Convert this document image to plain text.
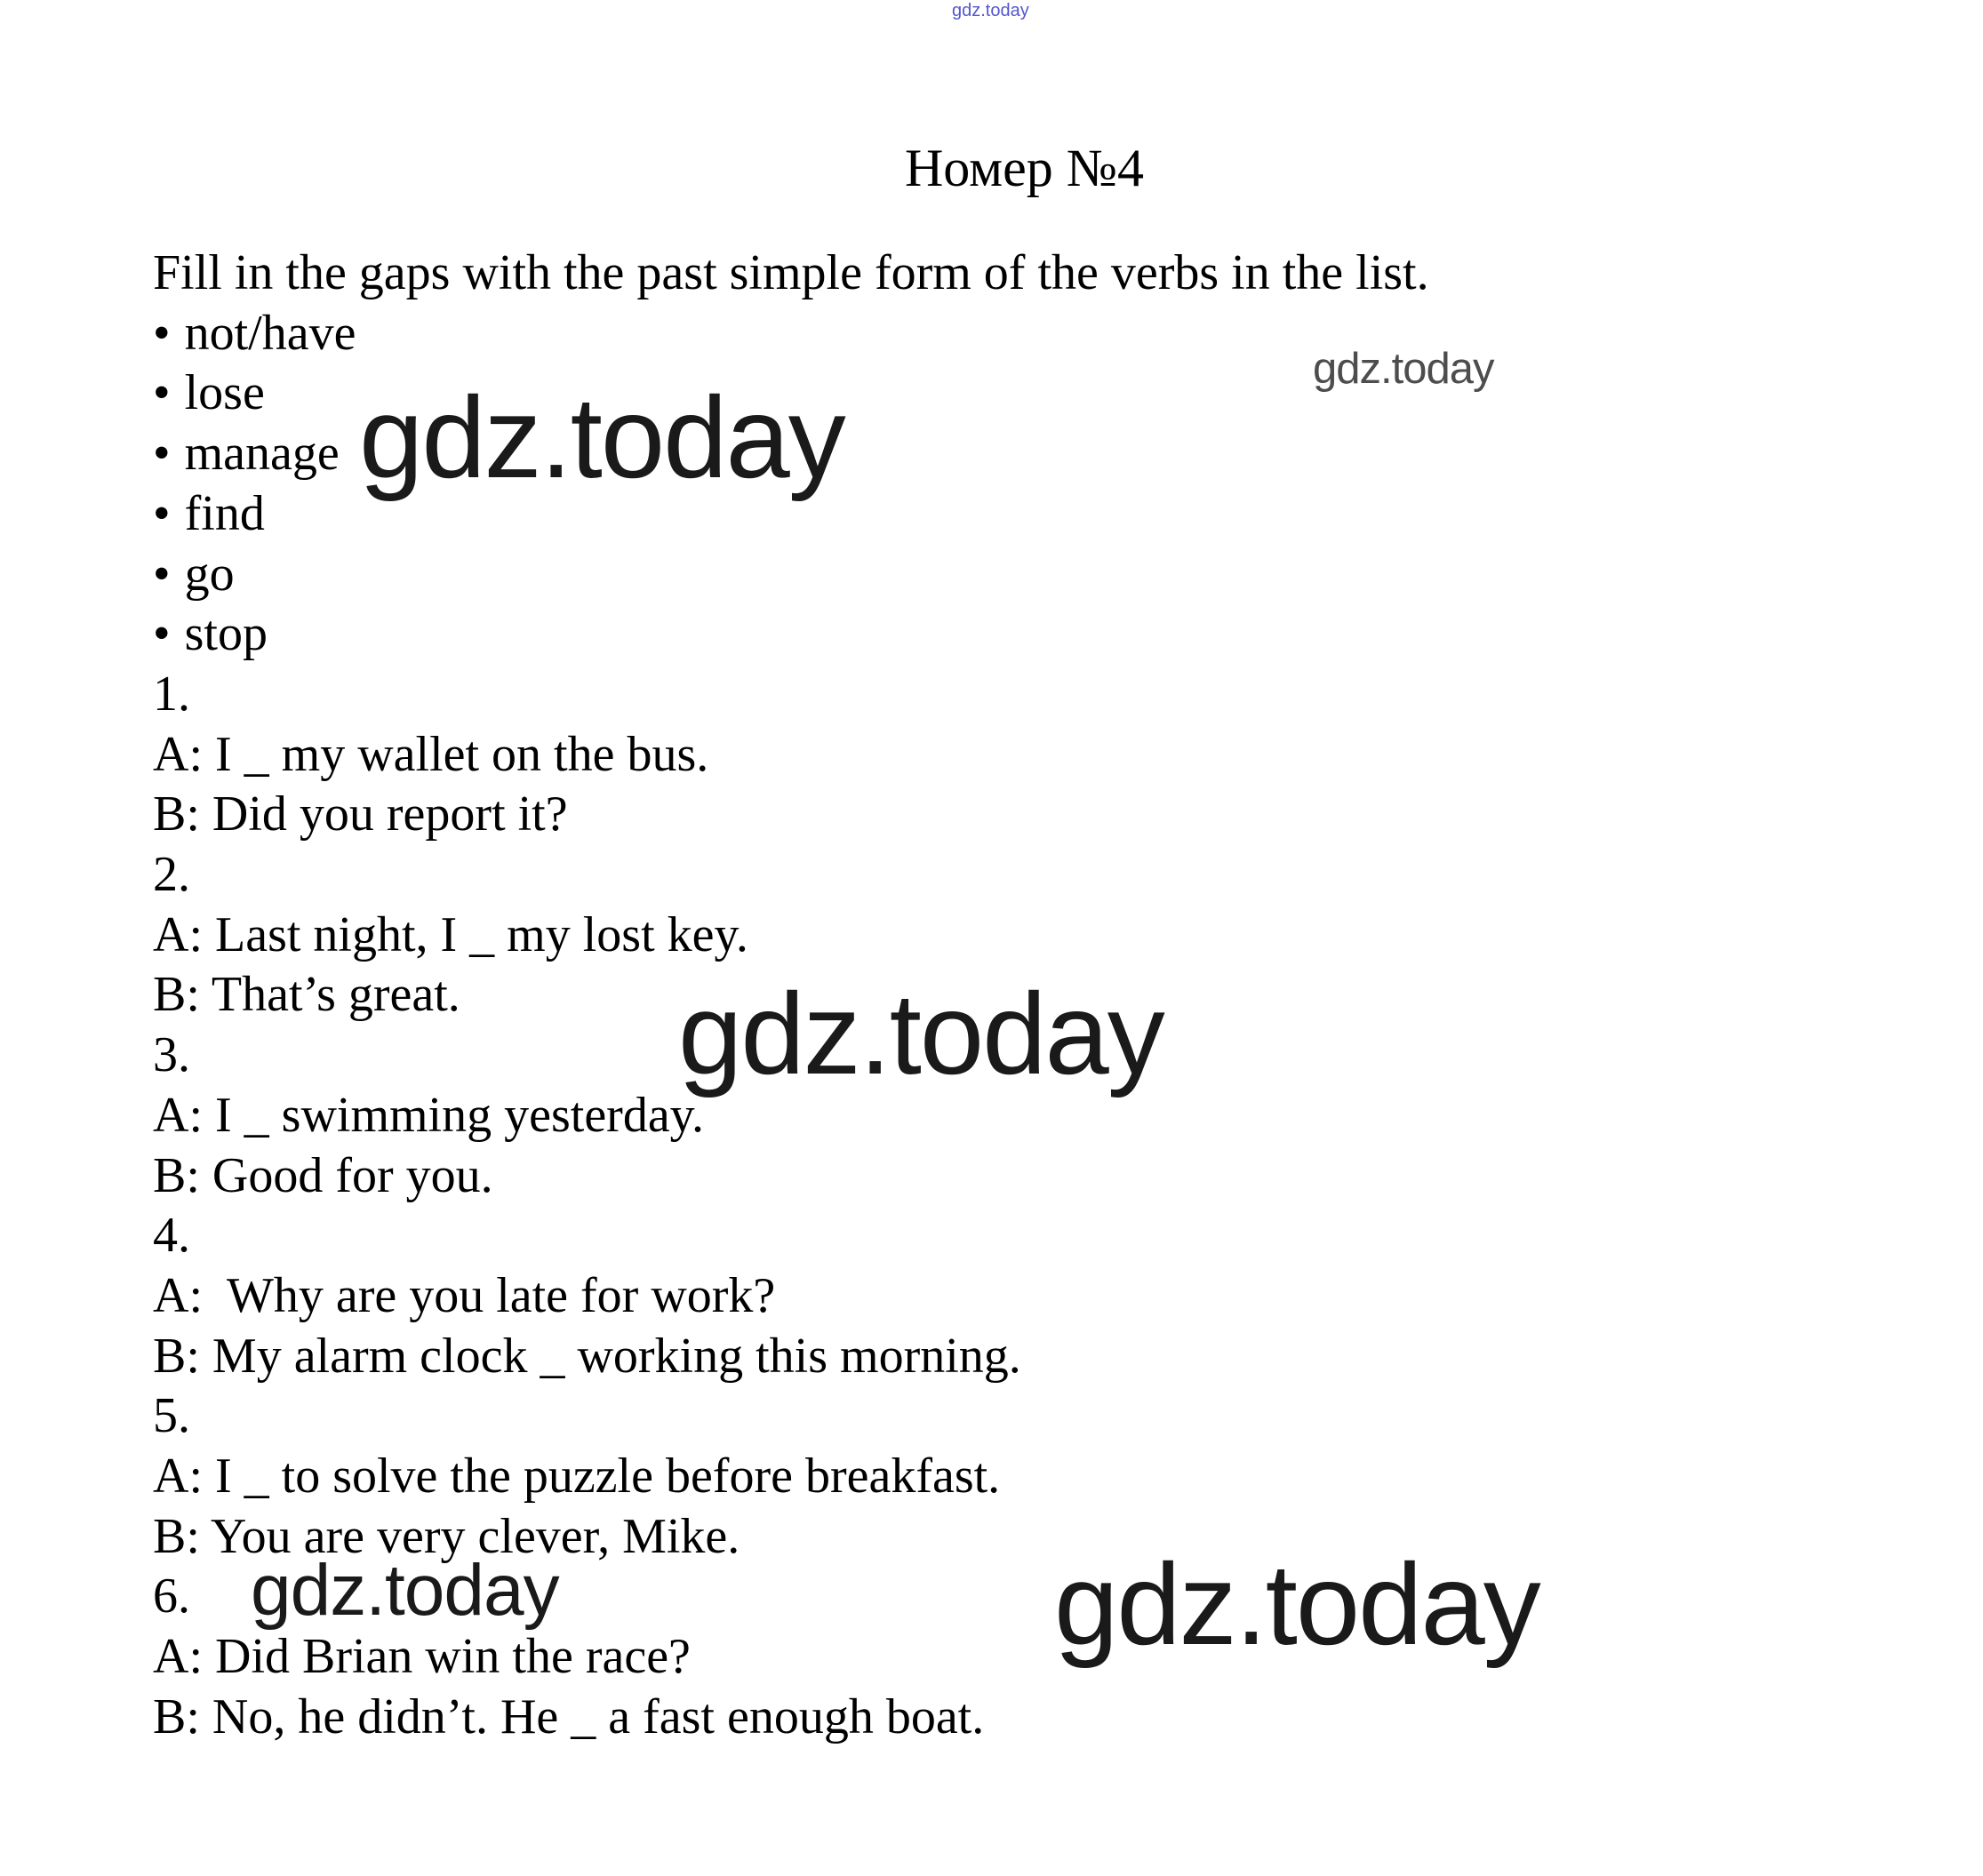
gdz.today
Номер №4
gdz.today
gdz.today
gdz.today
gdz.today	gdz.today
Fill in the gaps with the past simple form of the verbs in the list.
• not/have
• lose
• manage
• find
• go
• stop
1.
A: I _ my wallet on the bus.
B: Did you report it?
2.
A: Last night, I _ my lost key.
B: That’s great.
3.
A: I _ swimming yesterday.
B: Good for you.
4.
A:  Why are you late for work?
B: My alarm clock _ working this morning.
5.
A: I _ to solve the puzzle before breakfast.
B: You are very clever, Mike.
6.
A: Did Brian win the race?
B: No, he didn’t. He _ a fast enough boat.
